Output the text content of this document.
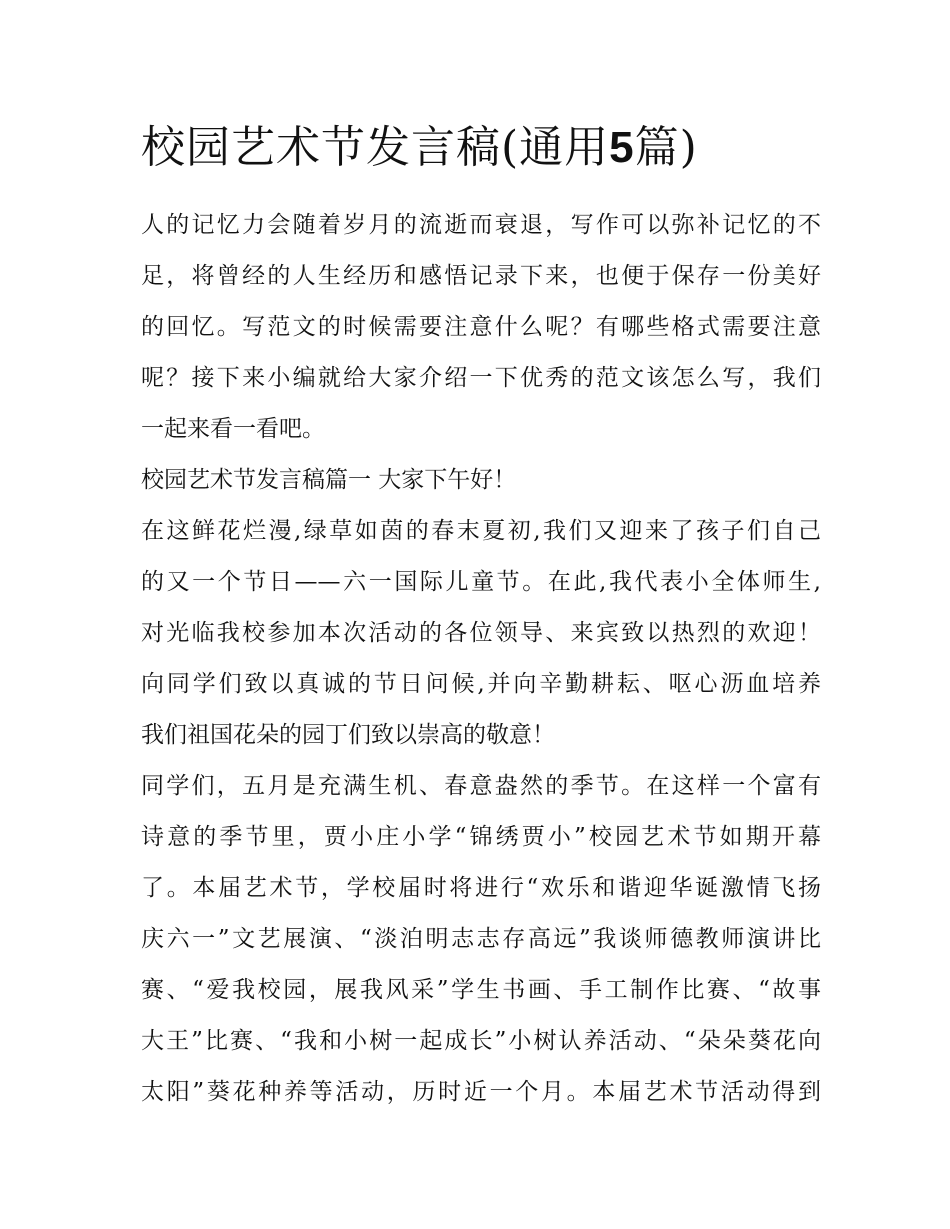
校园艺术节发言稿(通用5篇)
人的记忆力会随着岁月的流逝而衰退，写作可以弥补记忆的不
足，将曾经的人生经历和感悟记录下来，也便于保存一份美好
的回忆。写范文的时候需要注意什么呢？有哪些格式需要注意
呢？接下来小编就给大家介绍一下优秀的范文该怎么写，我们
一起来看一看吧。
校园艺术节发言稿篇一 大家下午好！
在这鲜花烂漫,绿草如茵的春末夏初,我们又迎来了孩子们自己
的又一个节日——六一国际儿童节。在此,我代表小全体师生,
对光临我校参加本次活动的各位领导、来宾致以热烈的欢迎！
向同学们致以真诚的节日问候,并向辛勤耕耘、呕心沥血培养
我们祖国花朵的园丁们致以崇高的敬意！
同学们，五月是充满生机、春意盎然的季节。在这样一个富有
诗意的季节里，贾小庄小学“锦绣贾小”校园艺术节如期开幕
了。本届艺术节，学校届时将进行“欢乐和谐迎华诞激情飞扬
庆六一”文艺展演、“淡泊明志志存高远”我谈师德教师演讲比
赛、“爱我校园，展我风采”学生书画、手工制作比赛、“故事
大王”比赛、“我和小树一起成长”小树认养活动、“朵朵葵花向
太阳”葵花种养等活动，历时近一个月。本届艺术节活动得到
